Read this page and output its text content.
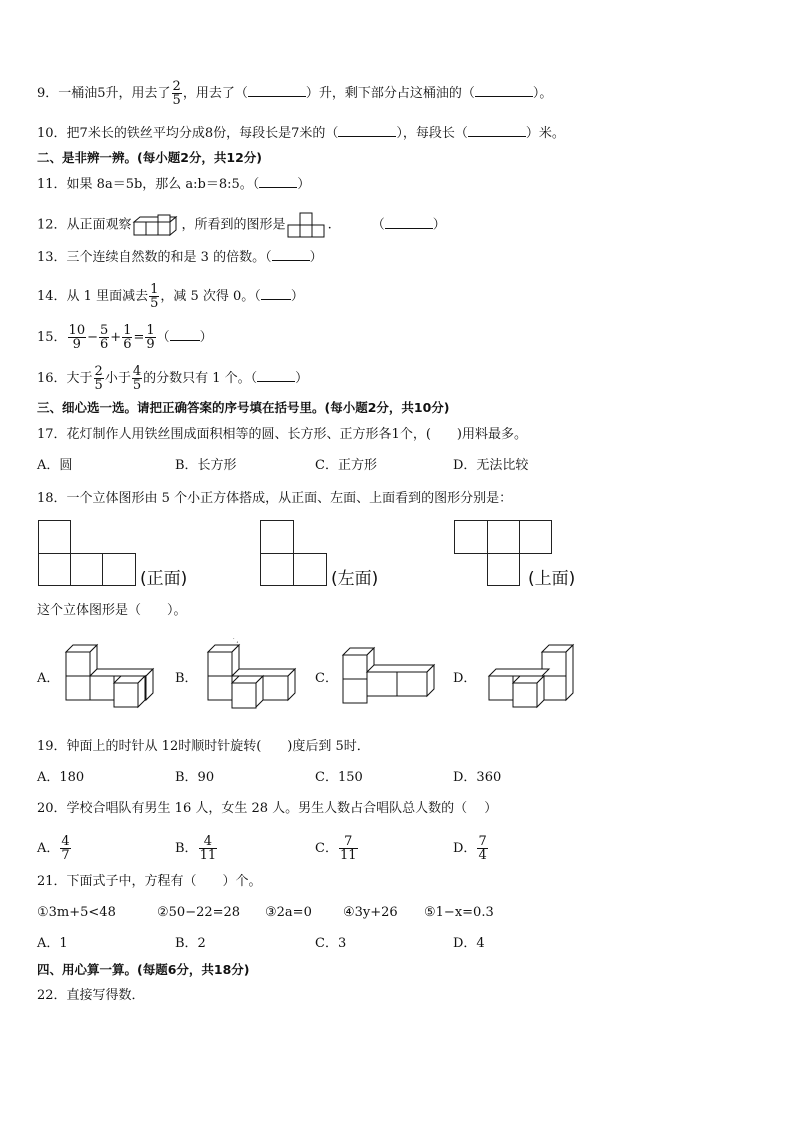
9．一桶油5升，用去了 $\frac{2}{5}$ ，用去了（	）升，剩下部分占这桶油的（	）。
10．把7米长的铁丝平均分成8份，每段长是7米的（	），每段长（	）米。
二、是非辨一辨。(每小题2分，共12分)
11．如果 8a＝5b，那么 a:b＝8:5。（	）
12．从正面观察	，所看到的图形是	.	（	）
13．三个连续自然数的和是 3 的倍数。（	）
14．从 1 里面减去 $\frac{1}{5}$ ，减 5 次得 0。（ ）
15． $\frac{10}{9} - \frac{5}{6} + \frac{1}{6} = \frac{1}{9}$ （ ）
16．大于 $\frac{2}{5}$ 小于 $\frac{4}{5}$ 的分数只有 1 个。（	）
三、细心选一选。请把正确答案的序号填在括号里。(每小题2分，共10分)
17．花灯制作人用铁丝围成面积相等的圆、长方形、正方形各1个，(　　)用料最多。
A．圆	B．长方形	C．正方形	D．无法比较
18．一个立体图形由 5 个小正方体搭成，从正面、左面、上面看到的图形分别是：
(正面)	(左面)	(上面)
这个立体图形是（　　）。
A．	B．
' ,
C．	D．
19．钟面上的时针从 12时顺时针旋转(　　)度后到 5时．
A．180	B．90	C．150	D．360
20．学校合唱队有男生 16 人，女生 28 人。男生人数占合唱队总人数的（　 ）
A． $\frac{4}{7}$	B． $\frac{4}{11}$	C． $\frac{7}{11}$	D． $\frac{7}{4}$
21．下面式子中，方程有（　　）个。
①3m+5<48	②50−22=28 ③2a=0 ④3y+26 ⑤1−x=0.3
A．1	B．2	C．3	D．4
四、用心算一算。(每题6分，共18分)
22．直接写得数．
